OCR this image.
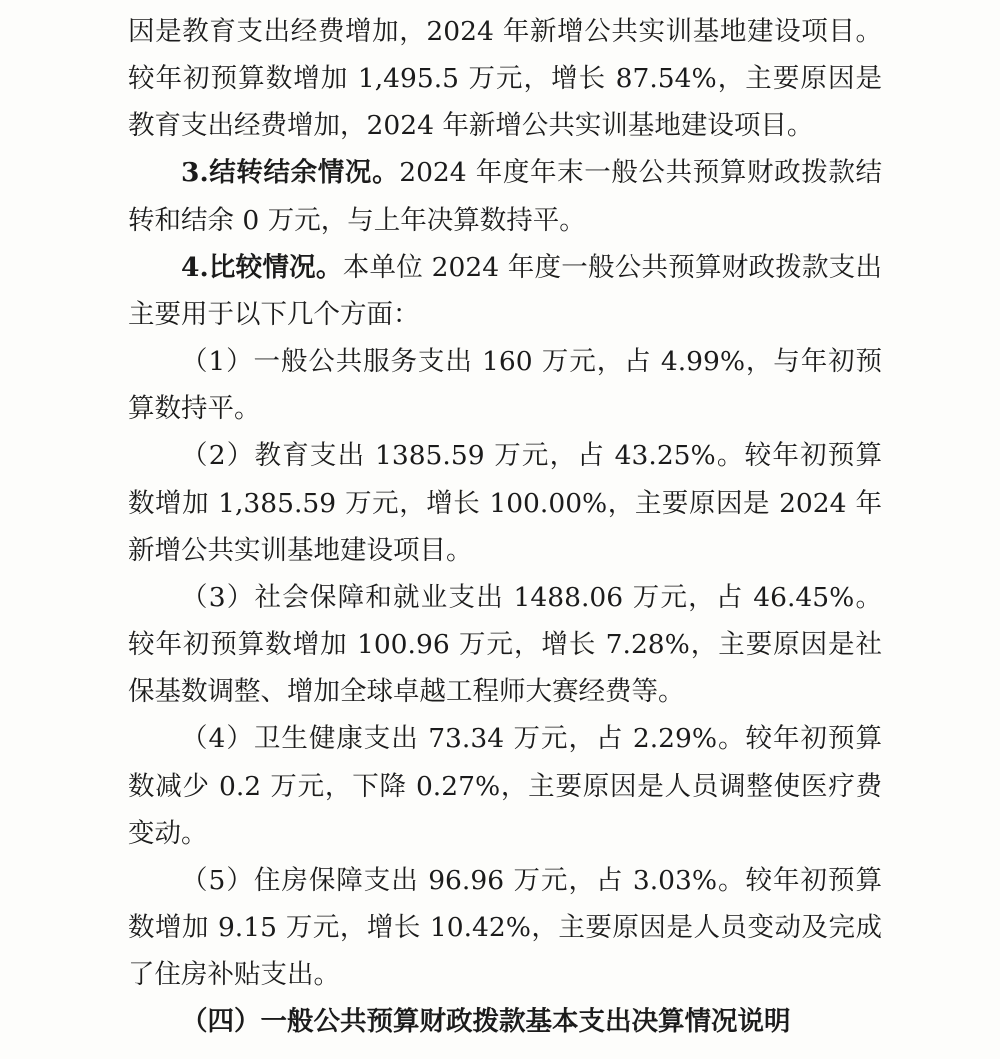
因是教育支出经费增加，2024 年新增公共实训基地建设项目。较年初预算数增加 1,495.5 万元，增长 87.54%，主要原因是教育支出经费增加，2024 年新增公共实训基地建设项目。

3.结转结余情况。2024 年度年末一般公共预算财政拨款结转和结余 0 万元，与上年决算数持平。

4.比较情况。本单位 2024 年度一般公共预算财政拨款支出主要用于以下几个方面：

（1）一般公共服务支出 160 万元，占 4.99%，与年初预算数持平。

（2）教育支出 1385.59 万元，占 43.25%。较年初预算数增加 1,385.59 万元，增长 100.00%，主要原因是 2024 年新增公共实训基地建设项目。

（3）社会保障和就业支出 1488.06 万元，占 46.45%。较年初预算数增加 100.96 万元，增长 7.28%，主要原因是社保基数调整、增加全球卓越工程师大赛经费等。

（4）卫生健康支出 73.34 万元，占 2.29%。较年初预算数减少 0.2 万元，下降 0.27%，主要原因是人员调整使医疗费变动。

（5）住房保障支出 96.96 万元，占 3.03%。较年初预算数增加 9.15 万元，增长 10.42%，主要原因是人员变动及完成了住房补贴支出。

（四）一般公共预算财政拨款基本支出决算情况说明
